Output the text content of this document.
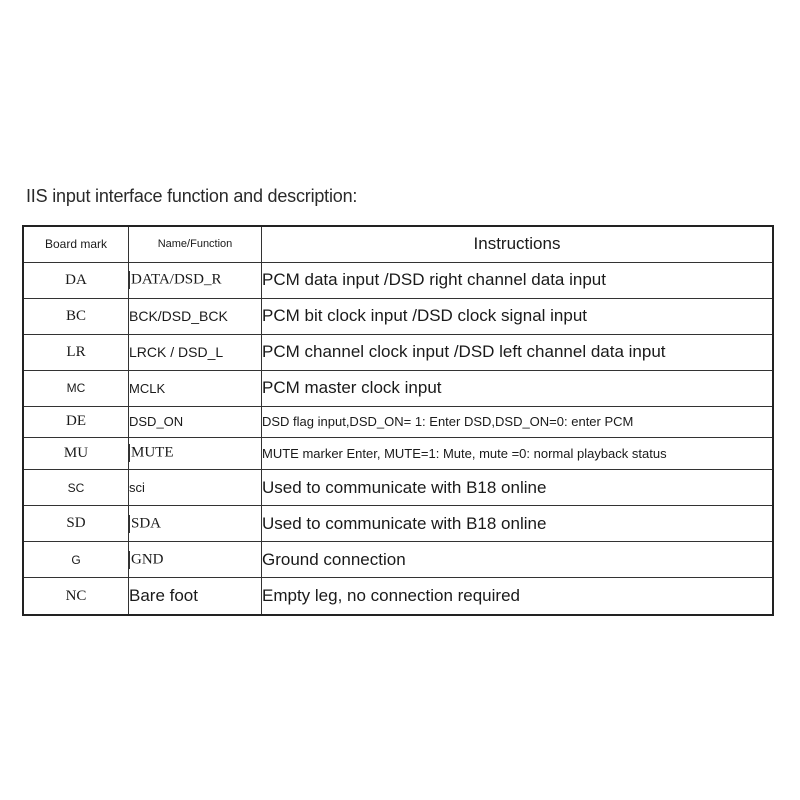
IIS input interface function and description:
Board mark	Name/Function	Instructions
DA	DATA/DSD_R	PCM data input /DSD right channel data input
BC	BCK/DSD_BCK	PCM bit clock input /DSD clock signal input
LR	LRCK / DSD_L	PCM channel clock input /DSD left channel data input
MC	MCLK	PCM master clock input
DE	DSD_ON	DSD flag input,DSD_ON= 1: Enter DSD,DSD_ON=0: enter PCM
MU	MUTE	MUTE marker Enter, MUTE=1: Mute, mute =0: normal playback status
SC	sci	Used to communicate with B18 online
SD	SDA	Used to communicate with B18 online
G	GND	Ground connection
NC	Bare foot	Empty leg, no connection required
